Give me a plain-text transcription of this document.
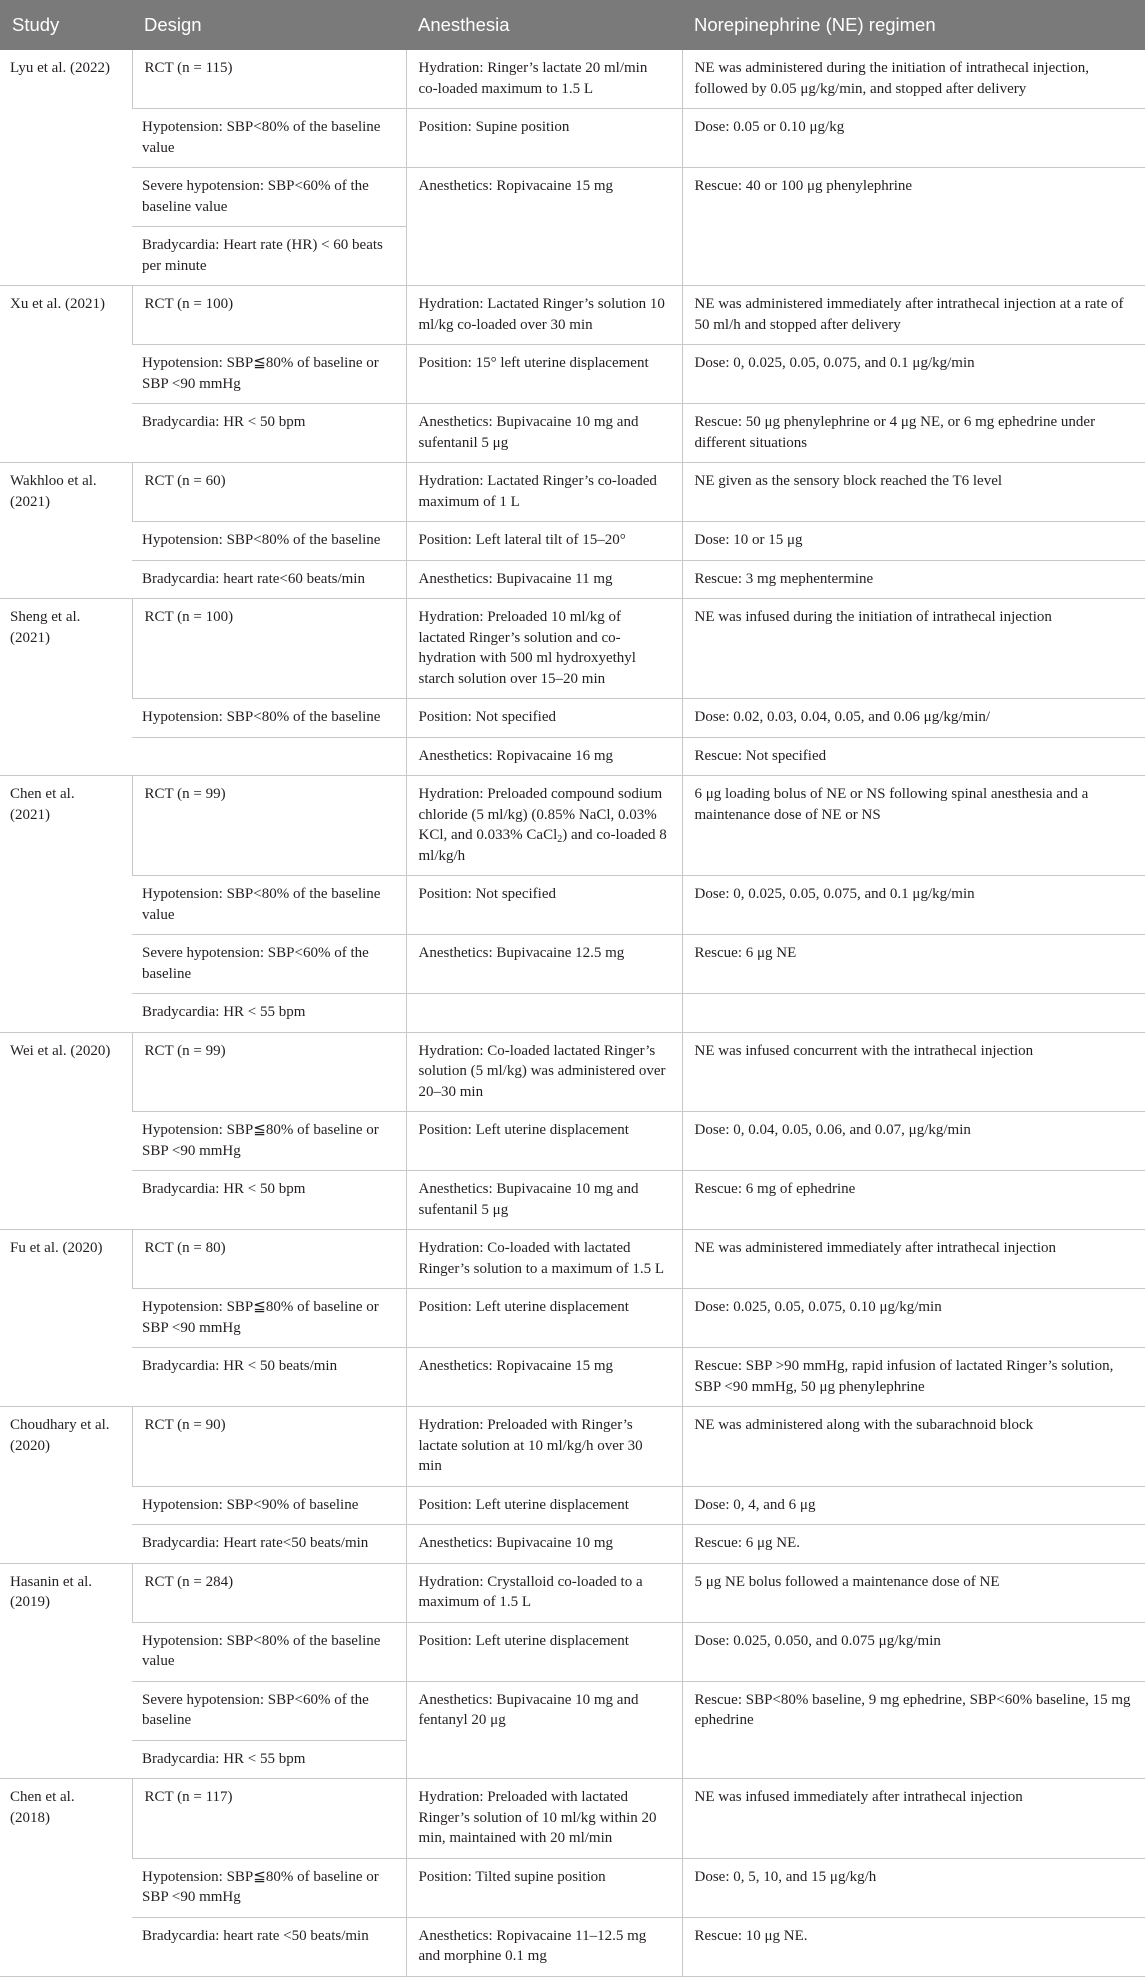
Study	Design	Anesthesia	Norepinephrine (NE) regimen
Lyu et al. (2022)	RCT (n = 115)	Hydration: Ringer’s lactate 20 ml/min co-loaded maximum to 1.5 L	NE was administered during the initiation of intrathecal injection, followed by 0.05 μg/kg/min, and stopped after delivery
	Hypotension: SBP<80% of the baseline value	Position: Supine position	Dose: 0.05 or 0.10 μg/kg
	Severe hypotension: SBP<60% of the baseline value	Anesthetics: Ropivacaine 15 mg	Rescue: 40 or 100 μg phenylephrine
	Bradycardia: Heart rate (HR) < 60 beats per minute		
Xu et al. (2021)	RCT (n = 100)	Hydration: Lactated Ringer’s solution 10 ml/kg co-loaded over 30 min	NE was administered immediately after intrathecal injection at a rate of 50 ml/h and stopped after delivery
	Hypotension: SBP≦80% of baseline or SBP <90 mmHg	Position: 15° left uterine displacement	Dose: 0, 0.025, 0.05, 0.075, and 0.1 μg/kg/min
	Bradycardia: HR < 50 bpm	Anesthetics: Bupivacaine 10 mg and sufentanil 5 μg	Rescue: 50 μg phenylephrine or 4 μg NE, or 6 mg ephedrine under different situations
Wakhloo et al. (2021)	RCT (n = 60)	Hydration: Lactated Ringer’s co-loaded maximum of 1 L	NE given as the sensory block reached the T6 level
	Hypotension: SBP<80% of the baseline	Position: Left lateral tilt of 15–20°	Dose: 10 or 15 μg
	Bradycardia: heart rate<60 beats/min	Anesthetics: Bupivacaine 11 mg	Rescue: 3 mg mephentermine
Sheng et al. (2021)	RCT (n = 100)	Hydration: Preloaded 10 ml/kg of lactated Ringer’s solution and co-hydration with 500 ml hydroxyethyl starch solution over 15–20 min	NE was infused during the initiation of intrathecal injection
	Hypotension: SBP<80% of the baseline	Position: Not specified	Dose: 0.02, 0.03, 0.04, 0.05, and 0.06 μg/kg/min/
		Anesthetics: Ropivacaine 16 mg	Rescue: Not specified
Chen et al. (2021)	RCT (n = 99)	Hydration: Preloaded compound sodium chloride (5 ml/kg) (0.85% NaCl, 0.03% KCl, and 0.033% CaCl$_2$) and co-loaded 8 ml/kg/h	6 μg loading bolus of NE or NS following spinal anesthesia and a maintenance dose of NE or NS
	Hypotension: SBP<80% of the baseline value	Position: Not specified	Dose: 0, 0.025, 0.05, 0.075, and 0.1 μg/kg/min
	Severe hypotension: SBP<60% of the baseline	Anesthetics: Bupivacaine 12.5 mg	Rescue: 6 μg NE
	Bradycardia: HR < 55 bpm		
Wei et al. (2020)	RCT (n = 99)	Hydration: Co-loaded lactated Ringer’s solution (5 ml/kg) was administered over 20–30 min	NE was infused concurrent with the intrathecal injection
	Hypotension: SBP≦80% of baseline or SBP <90 mmHg	Position: Left uterine displacement	Dose: 0, 0.04, 0.05, 0.06, and 0.07, μg/kg/min
	Bradycardia: HR < 50 bpm	Anesthetics: Bupivacaine 10 mg and sufentanil 5 μg	Rescue: 6 mg of ephedrine
Fu et al. (2020)	RCT (n = 80)	Hydration: Co-loaded with lactated Ringer’s solution to a maximum of 1.5 L	NE was administered immediately after intrathecal injection
	Hypotension: SBP≦80% of baseline or SBP <90 mmHg	Position: Left uterine displacement	Dose: 0.025, 0.05, 0.075, 0.10 μg/kg/min
	Bradycardia: HR < 50 beats/min	Anesthetics: Ropivacaine 15 mg	Rescue: SBP >90 mmHg, rapid infusion of lactated Ringer’s solution, SBP <90 mmHg, 50 μg phenylephrine
Choudhary et al. (2020)	RCT (n = 90)	Hydration: Preloaded with Ringer’s lactate solution at 10 ml/kg/h over 30 min	NE was administered along with the subarachnoid block
	Hypotension: SBP<90% of baseline	Position: Left uterine displacement	Dose: 0, 4, and 6 μg
	Bradycardia: Heart rate<50 beats/min	Anesthetics: Bupivacaine 10 mg	Rescue: 6 μg NE.
Hasanin et al. (2019)	RCT (n = 284)	Hydration: Crystalloid co-loaded to a maximum of 1.5 L	5 μg NE bolus followed a maintenance dose of NE
	Hypotension: SBP<80% of the baseline value	Position: Left uterine displacement	Dose: 0.025, 0.050, and 0.075 μg/kg/min
	Severe hypotension: SBP<60% of the baseline	Anesthetics: Bupivacaine 10 mg and fentanyl 20 μg	Rescue: SBP<80% baseline, 9 mg ephedrine, SBP<60% baseline, 15 mg ephedrine
	Bradycardia: HR < 55 bpm		
Chen et al. (2018)	RCT (n = 117)	Hydration: Preloaded with lactated Ringer’s solution of 10 ml/kg within 20 min, maintained with 20 ml/min	NE was infused immediately after intrathecal injection
	Hypotension: SBP≦80% of baseline or SBP <90 mmHg	Position: Tilted supine position	Dose: 0, 5, 10, and 15 μg/kg/h
	Bradycardia: heart rate <50 beats/min	Anesthetics: Ropivacaine 11–12.5 mg and morphine 0.1 mg	Rescue: 10 μg NE.
